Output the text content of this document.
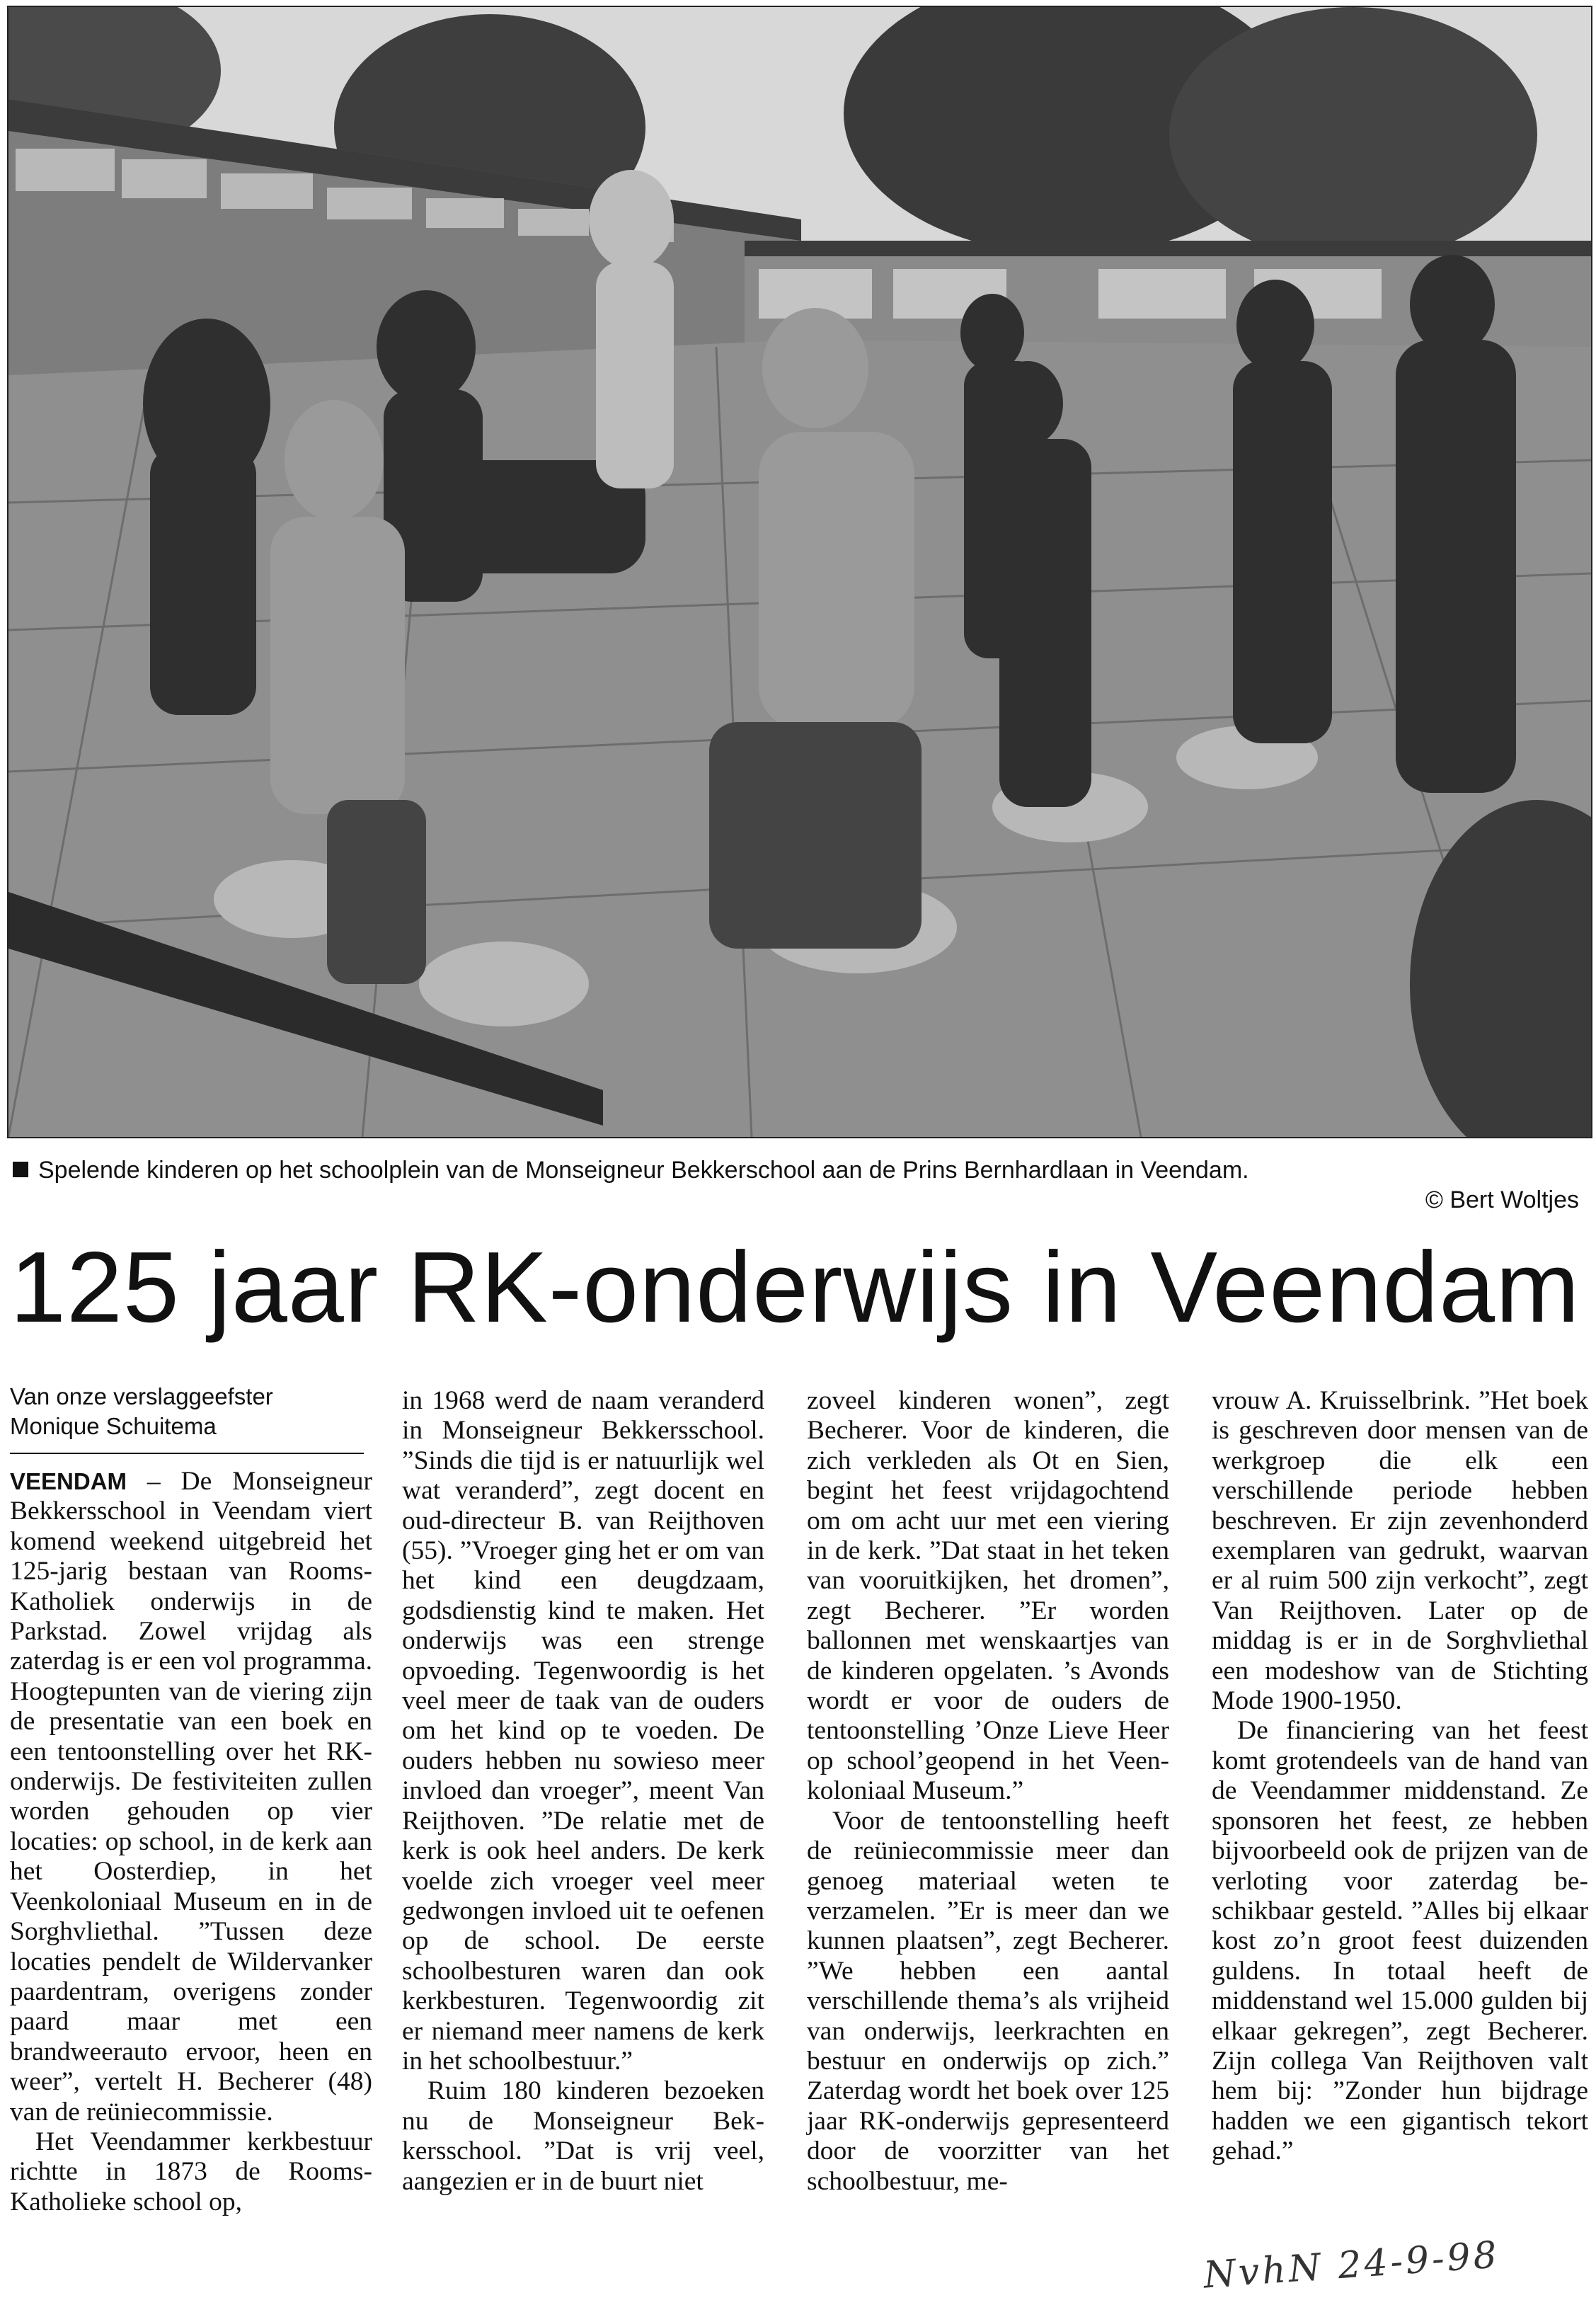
Spelende kinderen op het schoolplein van de Monseigneur Bekkerschool aan de Prins Bernhardlaan in Veendam.
© Bert Woltjes
125 jaar RK-onderwijs in Veendam
Van onze verslaggeefster
Monique Schuitema

VEENDAM – De Monseigneur Bekkersschool in Veendam viert komend weekend uitgebreid het 125-jarig bestaan van Rooms-Katholiek onderwijs in de Parkstad. Zowel vrijdag als zaterdag is er een vol programma. Hoogtepunten van de viering zijn de presentatie van een boek en een tentoonstelling over het RK-onderwijs. De festiviteiten zullen worden gehouden op vier locaties: op school, in de kerk aan het Oosterdiep, in het Veenkoloniaal Museum en in de Sorghvliethal. ”Tussen deze locaties pendelt de Wildervanker paardentram, overigens zonder paard maar met een brandweerauto ervoor, heen en weer”, vertelt H. Becherer (48) van de reüniecommissie.

Het Veendammer kerkbestuur richtte in 1873 de Rooms-Katholieke school op,

in 1968 werd de naam veranderd in Monseigneur Bekkersschool. ”Sinds die tijd is er natuurlijk wel wat veranderd”, zegt docent en oud-directeur B. van Reijthoven (55). ”Vroeger ging het er om van het kind een deugdzaam, godsdienstig kind te maken. Het onderwijs was een strenge opvoeding. Tegenwoordig is het veel meer de taak van de ouders om het kind op te voeden. De ouders hebben nu sowieso meer invloed dan vroeger”, meent Van Reijthoven. ”De relatie met de kerk is ook heel anders. De kerk voelde zich vroeger veel meer gedwongen invloed uit te oefenen op de school. De eerste schoolbesturen waren dan ook kerkbesturen. Tegenwoordig zit er niemand meer namens de kerk in het schoolbestuur.”

Ruim 180 kinderen bezoeken nu de Monseigneur Bekkersschool. ”Dat is vrij veel, aangezien er in de buurt niet

zoveel kinderen wonen”, zegt Becherer. Voor de kinderen, die zich verkleden als Ot en Sien, begint het feest vrijdagochtend om om acht uur met een viering in de kerk. ”Dat staat in het teken van vooruitkijken, het dromen”, zegt Becherer. ”Er worden ballonnen met wenskaartjes van de kinderen opgelaten. ’s Avonds wordt er voor de ouders de tentoonstelling ’Onze Lieve Heer op school’geopend in het Veenkoloniaal Museum.”

Voor de tentoonstelling heeft de reüniecommissie meer dan genoeg materiaal weten te verzamelen. ”Er is meer dan we kunnen plaatsen”, zegt Becherer. ”We hebben een aantal verschillende thema’s als vrijheid van onderwijs, leerkrachten en bestuur en onderwijs op zich.” Zaterdag wordt het boek over 125 jaar RK-onderwijs gepresenteerd door de voorzitter van het schoolbestuur, me-

vrouw A. Kruisselbrink. ”Het boek is geschreven door mensen van de werkgroep die elk een verschillende periode hebben beschreven. Er zijn zevenhonderd exemplaren van gedrukt, waarvan er al ruim 500 zijn verkocht”, zegt Van Reijthoven. Later op de middag is er in de Sorghvliethal een modeshow van de Stichting Mode 1900-1950.

De financiering van het feest komt grotendeels van de hand van de Veendammer middenstand. Ze sponsoren het feest, ze hebben bijvoorbeeld ook de prijzen van de verloting voor zaterdag beschikbaar gesteld. ”Alles bij elkaar kost zo’n groot feest duizenden guldens. In totaal heeft de middenstand wel 15.000 gulden bij elkaar gekregen”, zegt Becherer. Zijn collega Van Reijthoven valt hem bij: ”Zonder hun bijdrage hadden we een gigantisch tekort gehad.”

NvhN 24-9-98
